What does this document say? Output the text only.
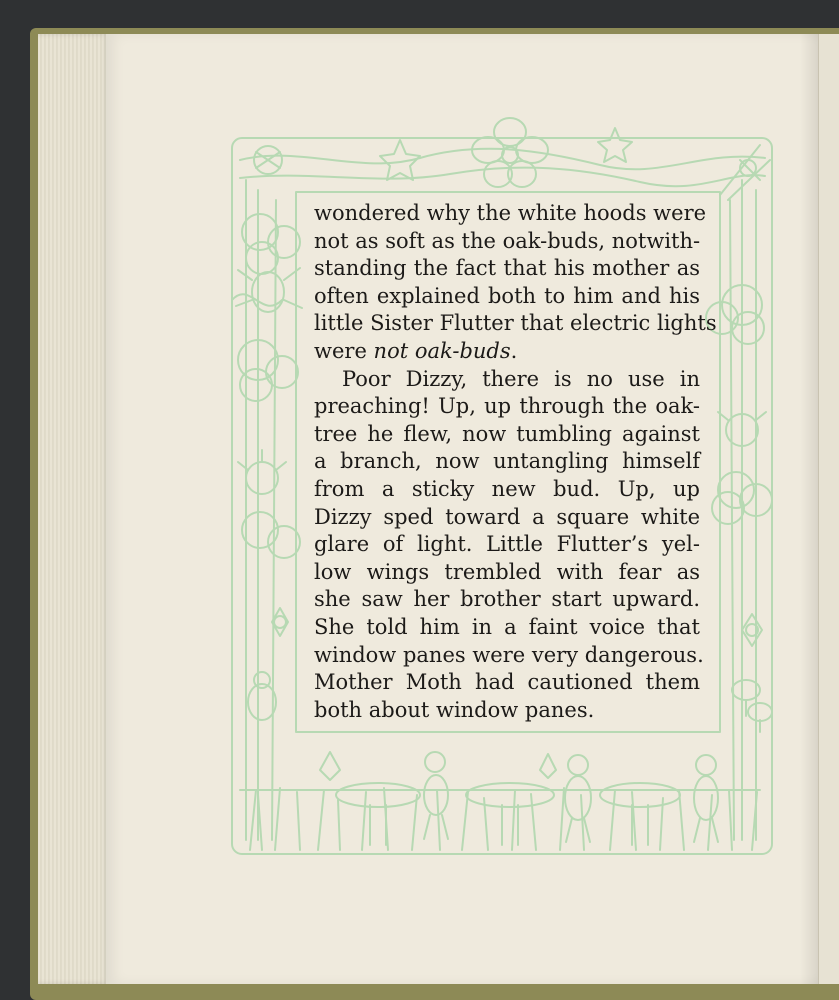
wondered why the white hoods were
not as soft as the oak-buds, notwith-
standing the fact that his mother as
often explained both to him and his
little Sister Flutter that electric lights
were not oak-buds.
Poor Dizzy, there is no use in
preaching! Up, up through the oak-
tree he flew, now tumbling against
a branch, now untangling himself
from a sticky new bud. Up, up
Dizzy sped toward a square white
glare of light. Little Flutter’s yel-
low wings trembled with fear as
she saw her brother start upward.
She told him in a faint voice that
window panes were very dangerous.
Mother Moth had cautioned them
both about window panes.
